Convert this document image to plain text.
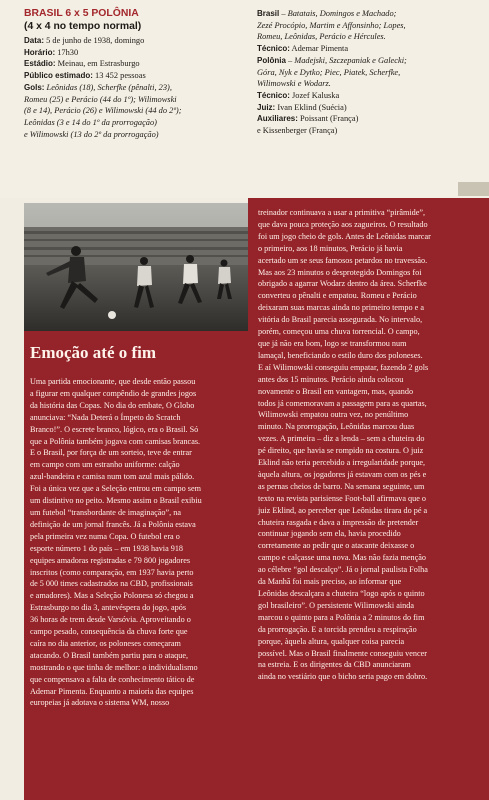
BRASIL 6 x 5 POLÔNIA
(4 x 4 no tempo normal)
Data: 5 de junho de 1938, domingo
Horário: 17h30
Estádio: Meinau, em Estrasburgo
Público estimado: 13 452 pessoas
Gols: Leônidas (18), Scherfke (pênalti, 23),
Romeu (25) e Perácio (44 do 1º); Wilimowski
(8 e 14), Perácio (26) e Wilimowski (44 do 2º);
Leônidas (3 e 14 do 1º da prorrogação)
e Wilimowski (13 do 2º da prorrogação)
Brasil – Batatais, Domingos e Machado;
Zezé Procópio, Martim e Affonsinho; Lopes,
Romeu, Leônidas, Perácio e Hércules.
Técnico: Ademar Pimenta
Polônia – Madejski, Szczepaniak e Galecki;
Góra, Nyk e Dytko; Piec, Piatek, Scherfke,
Wilimowski e Wodarz.
Técnico: Jozef Kaluska
Juiz: Ivan Eklind (Suécia)
Auxiliares: Poissant (França)
e Kissenberger (França)
treinador continuava a usar a primitiva “pirâmide”,
que dava pouca proteção aos zagueiros. O resultado
foi um jogo cheio de gols. Antes de Leônidas marcar
o primeiro, aos 18 minutos, Perácio já havia
acertado um se seus famosos petardos no travessão.
Mas aos 23 minutos o desprotegido Domingos foi
obrigado a agarrar Wodarz dentro da área. Scherfke
converteu o pênalti e empatou. Romeu e Perácio
deixaram suas marcas ainda no primeiro tempo e a
vitória do Brasil parecia assegurada. No intervalo,
porém, começou uma chuva torrencial. O campo,
que já não era bom, logo se transformou num
lamaçal, beneficiando o estilo duro dos poloneses.
E aí Wilimowski conseguiu empatar, fazendo 2 gols
antes dos 15 minutos. Perácio ainda colocou
novamente o Brasil em vantagem, mas, quando
todos já comemoravam a passagem para as quartas,
Wilimowski empatou outra vez, no penúltimo
minuto. Na prorrogação, Leônidas marcou duas
vezes. A primeira – diz a lenda – sem a chuteira do
pé direito, que havia se rompido na costura. O juiz
Eklind não teria percebido a irregularidade porque,
àquela altura, os jogadores já estavam com os pés e
as pernas cheios de barro. Na semana seguinte, um
texto na revista parisiense Foot-ball afirmava que o
juiz Eklind, ao perceber que Leônidas tirara do pé a
chuteira rasgada e dava a impressão de pretender
continuar jogando sem ela, havia procedido
corretamente ao pedir que o atacante deixasse o
campo e calçasse uma nova. Mas não fazia menção
ao célebre “gol descalço”. Já o jornal paulista Folha
da Manhã foi mais preciso, ao informar que
Leônidas descalçara a chuteira “logo após o quinto
gol brasileiro”. O persistente Wilimowski ainda
marcou o quinto para a Polônia a 2 minutos do fim
da prorrogação. E a torcida prendeu a respiração
porque, àquela altura, qualquer coisa parecia
possível. Mas o Brasil finalmente conseguiu vencer
na estreia. E os dirigentes da CBD anunciaram
ainda no vestiário que o bicho seria pago em dobro.
Emoção até o fim
Uma partida emocionante, que desde então passou
a figurar em qualquer compêndio de grandes jogos
da história das Copas. No dia do embate, O Globo
anunciava: “Nada Deterá o Ímpeto do Scratch
Branco!”. O escrete branco, lógico, era o Brasil. Só
que a Polônia também jogava com camisas brancas.
E o Brasil, por força de um sorteio, teve de entrar
em campo com um estranho uniforme: calção
azul-bandeira e camisa num tom azul mais pálido.
Foi a única vez que a Seleção entrou em campo sem
um distintivo no peito. Mesmo assim o Brasil exibiu
um futebol “transbordante de imaginação”, na
definição de um jornal francês. Já a Polônia estava
pela primeira vez numa Copa. O futebol era o
esporte número 1 do país – em 1938 havia 918
equipes amadoras registradas e 79 800 jogadores
inscritos (como comparação, em 1937 havia perto
de 5 000 times cadastrados na CBD, profissionais
e amadores). Mas a Seleção Polonesa só chegou a
Estrasburgo no dia 3, antevéspera do jogo, após
36 horas de trem desde Varsóvia. Aproveitando o
campo pesado, consequência da chuva forte que
caíra no dia anterior, os poloneses começaram
atacando. O Brasil também partiu para o ataque,
mostrando o que tinha de melhor: o individualismo
que compensava a falta de conhecimento tático de
Ademar Pimenta. Enquanto a maioria das equipes
europeias já adotava o sistema WM, nosso
